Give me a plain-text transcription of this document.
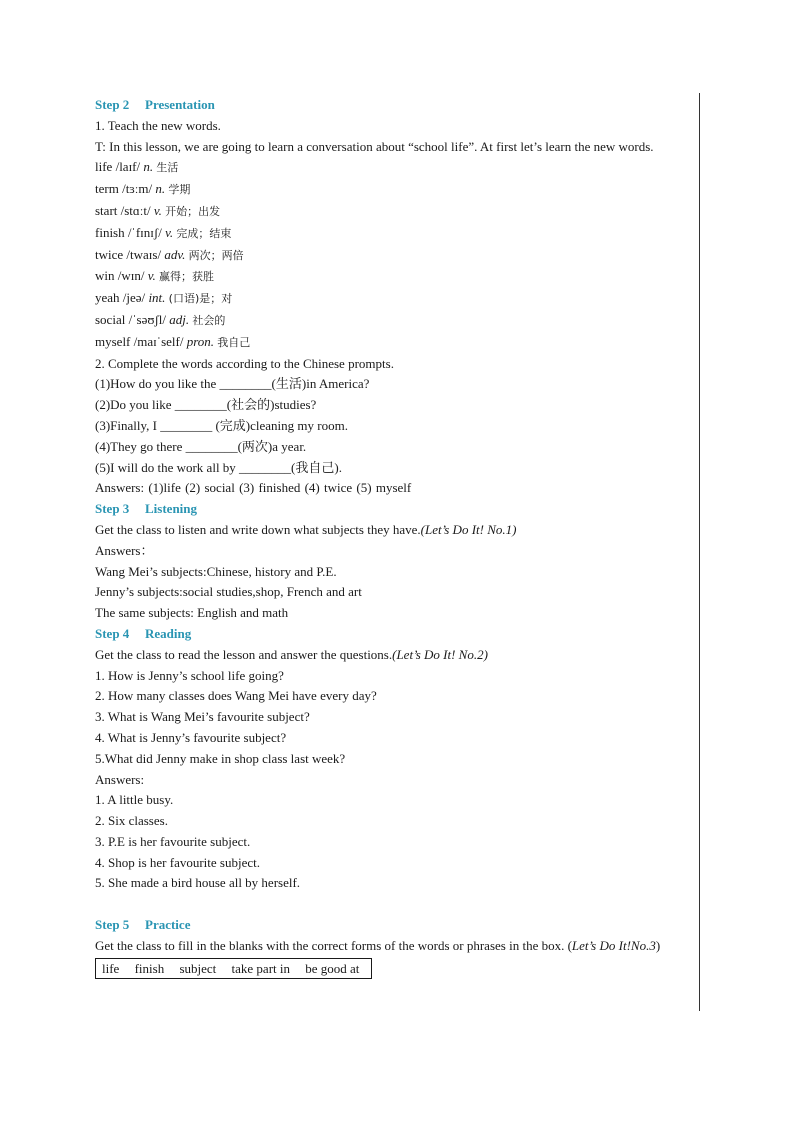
Step 2 Presentation
1. Teach the new words.
T: In this lesson, we are going to learn a conversation about “school life”. At first let’s learn the new words.
life /laɪf/ n. 生活
term /tɜːm/ n. 学期
start /stɑːt/ v. 开始；出发
finish /ˈfɪnɪʃ/ v. 完成；结束
twice /twaɪs/ adv. 两次；两倍
win /wɪn/ v. 赢得；获胜
yeah /jeə/ int. (口语)是；对
social /ˈsəʊʃl/ adj. 社会的
myself /maɪˈself/ pron. 我自己
2. Complete the words according to the Chinese prompts.
(1)How do you like the ________(生活)in America?
(2)Do you like ________(社会的)studies?
(3)Finally, I ________ (完成)cleaning my room.
(4)They go there ________(两次)a year.
(5)I will do the work all by ________(我自己).
Answers: (1)life (2) social (3) finished (4) twice (5) myself
Step 3 Listening
Get the class to listen and write down what subjects they have.(Let’s Do It! No.1)
Answers：
Wang Mei’s subjects:Chinese, history and P.E.
Jenny’s subjects:social studies,shop, French and art
The same subjects: English and math
Step 4 Reading
Get the class to read the lesson and answer the questions.(Let’s Do It! No.2)
1. How is Jenny’s school life going?
2. How many classes does Wang Mei have every day?
3. What is Wang Mei’s favourite subject?
4. What is Jenny’s favourite subject?
5.What did Jenny make in shop class last week?
Answers:
1. A little busy.
2. Six classes.
3. P.E is her favourite subject.
4. Shop is her favourite subject.
5. She made a bird house all by herself.
Step 5 Practice
Get the class to fill in the blanks with the correct forms of the words or phrases in the box. (Let’s Do It!No.3)
life finish subject take part in be good at
